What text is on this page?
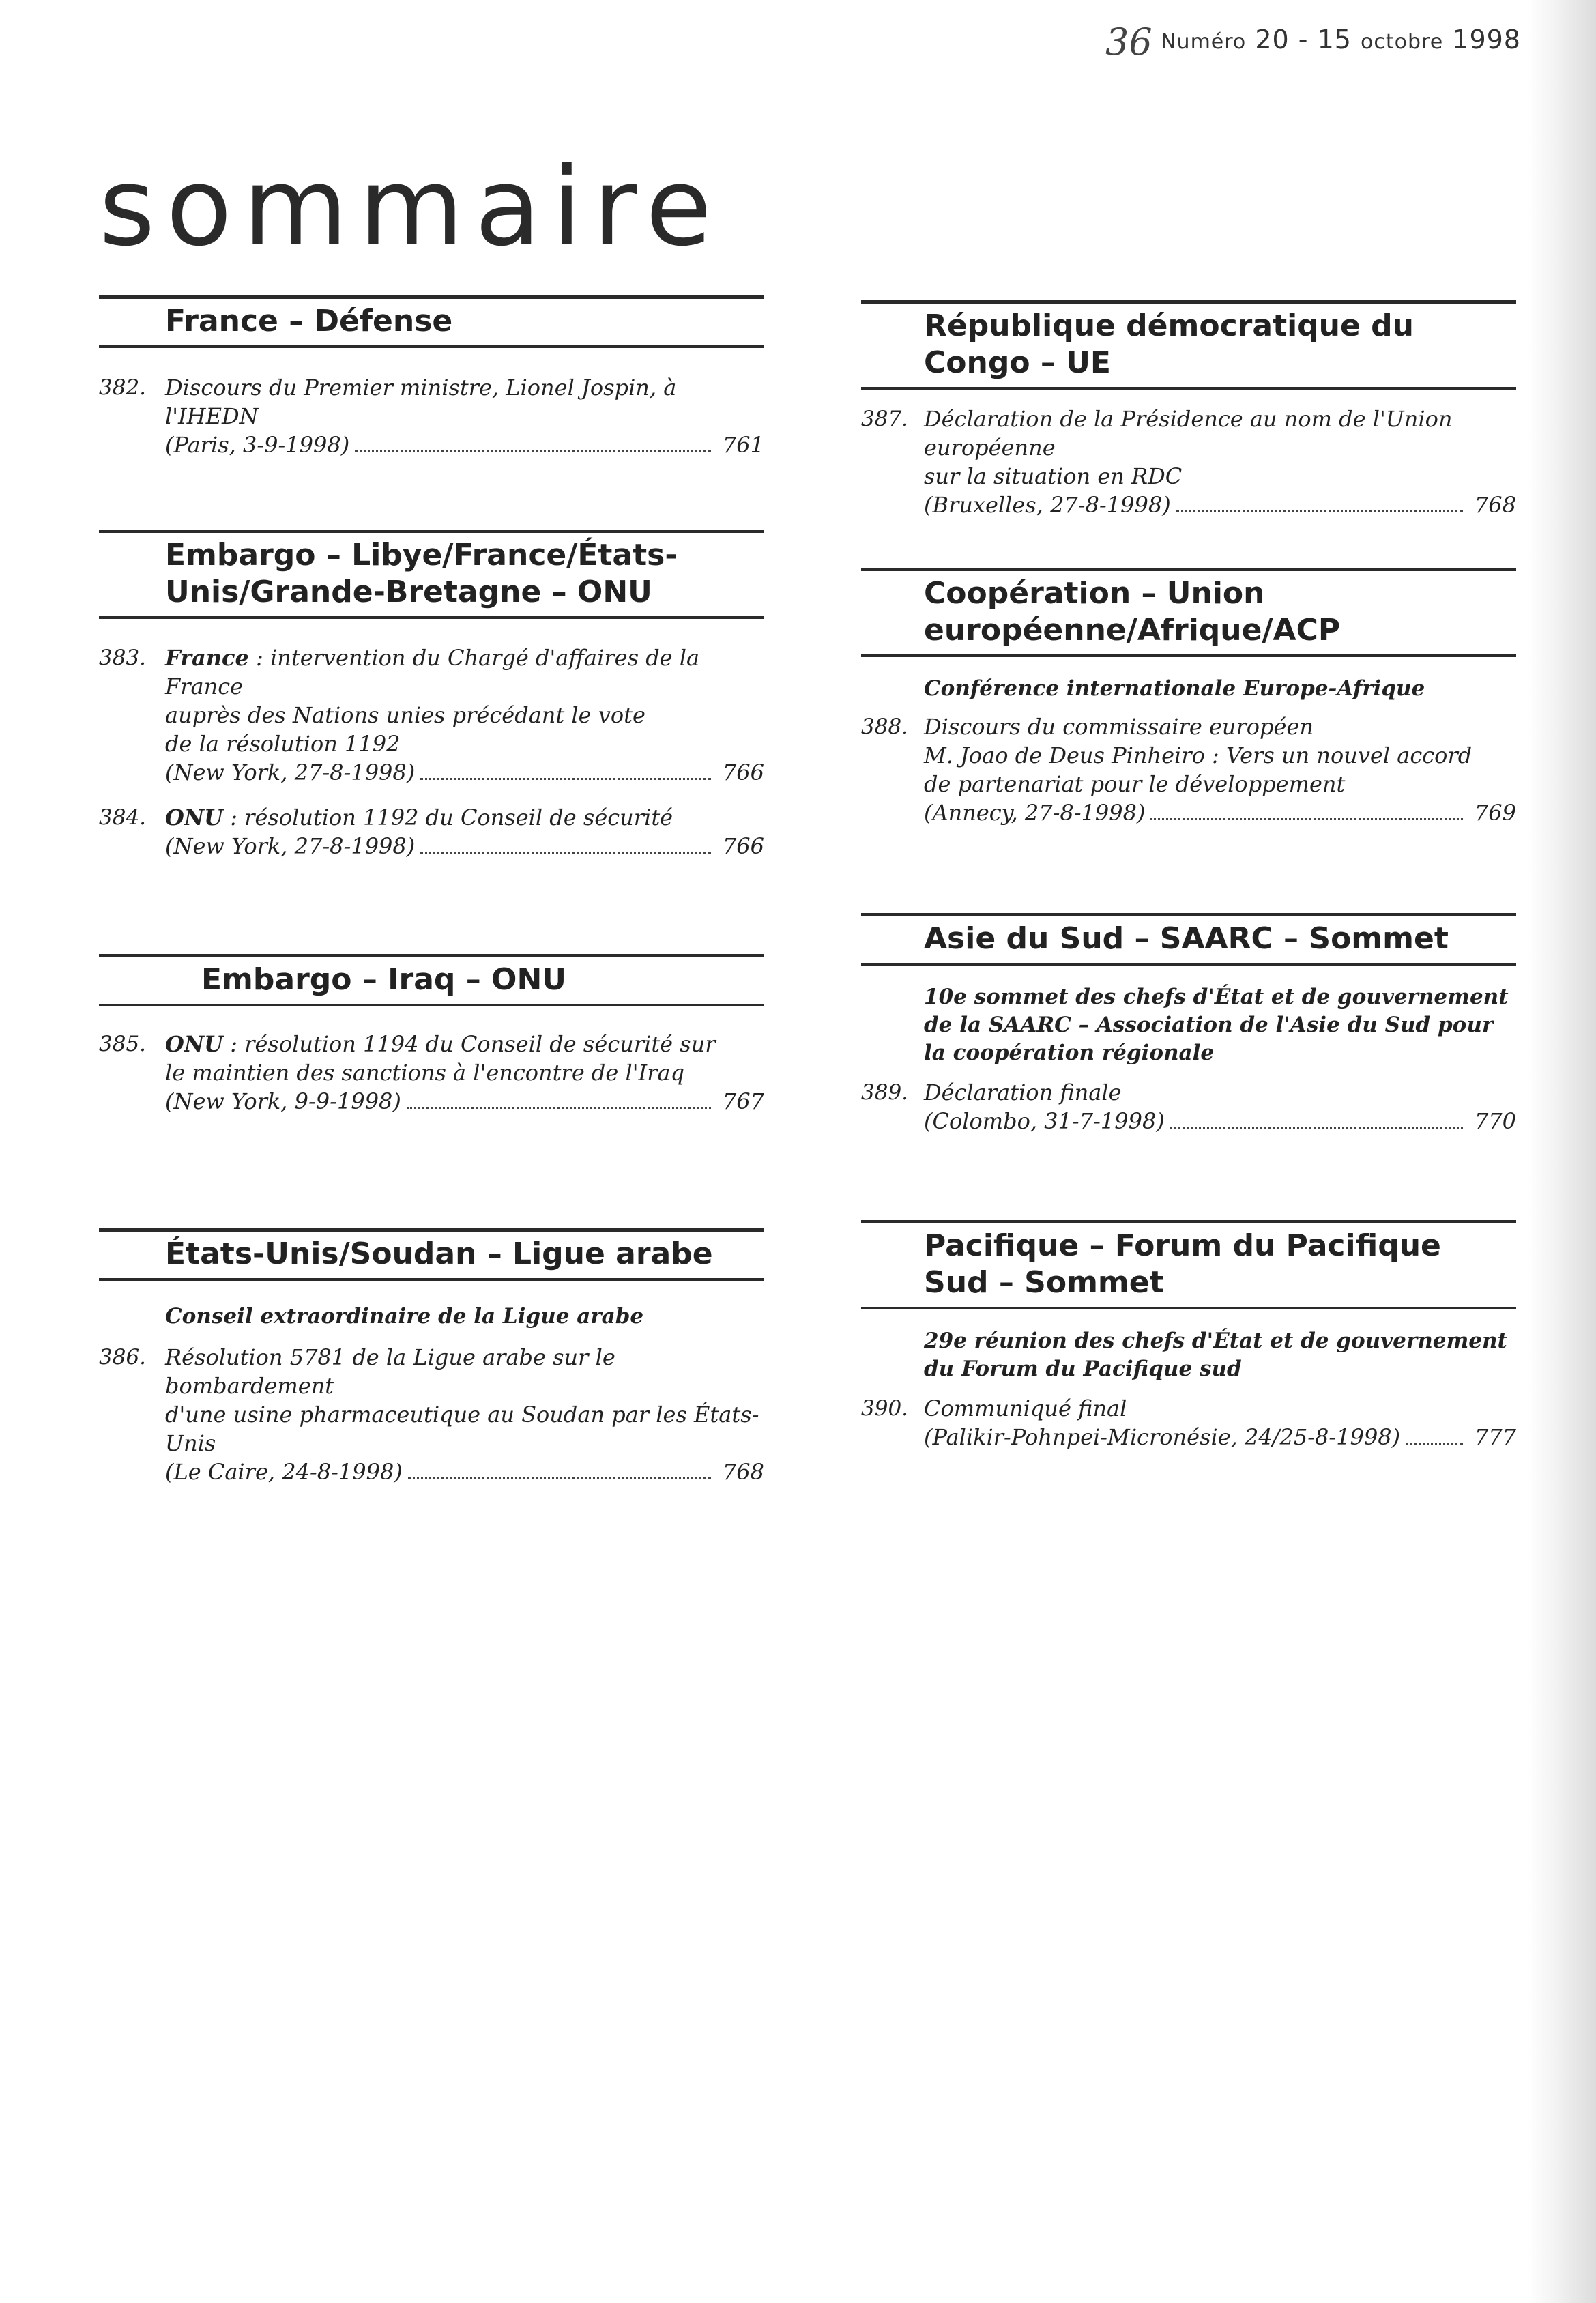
36 Numéro 20 - 15 octobre 1998
sommaire
France – Défense
382. Discours du Premier ministre, Lionel Jospin, à l'IHEDN
(Paris, 3-9-1998)	761
Embargo – Libye/France/États-
Unis/Grande-Bretagne – ONU
383. France : intervention du Chargé d'affaires de la France
auprès des Nations unies précédant le vote
de la résolution 1192
(New York, 27-8-1998)	766
384. ONU : résolution 1192 du Conseil de sécurité
(New York, 27-8-1998)	766
Embargo – Iraq – ONU
385. ONU : résolution 1194 du Conseil de sécurité sur
le maintien des sanctions à l'encontre de l'Iraq
(New York, 9-9-1998)	767
États-Unis/Soudan – Ligue arabe
Conseil extraordinaire de la Ligue arabe
386. Résolution 5781 de la Ligue arabe sur le bombardement
d'une usine pharmaceutique au Soudan par les États-Unis
(Le Caire, 24-8-1998)	768
République démocratique du
Congo – UE
387. Déclaration de la Présidence au nom de l'Union européenne
sur la situation en RDC
(Bruxelles, 27-8-1998)	768
Coopération – Union
européenne/Afrique/ACP
Conférence internationale Europe-Afrique
388. Discours du commissaire européen
M. Joao de Deus Pinheiro : Vers un nouvel accord
de partenariat pour le développement
(Annecy, 27-8-1998)	769
Asie du Sud – SAARC – Sommet
10e sommet des chefs d'État et de gouvernement
de la SAARC – Association de l'Asie du Sud pour
la coopération régionale
389. Déclaration finale
(Colombo, 31-7-1998)	770
Pacifique – Forum du Pacifique
Sud – Sommet
29e réunion des chefs d'État et de gouvernement
du Forum du Pacifique sud
390. Communiqué final
(Palikir-Pohnpei-Micronésie, 24/25-8-1998)	777
